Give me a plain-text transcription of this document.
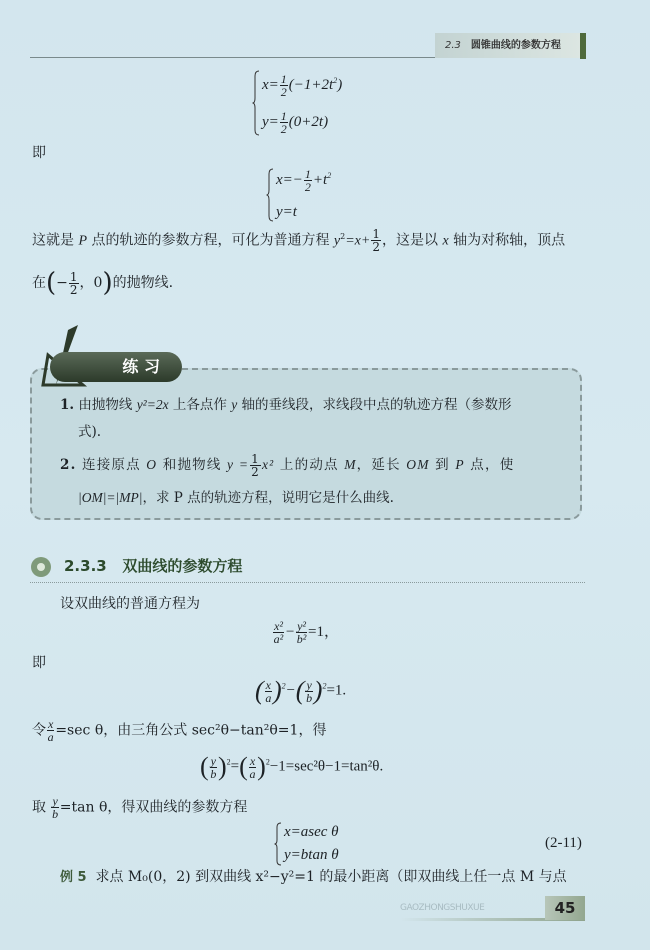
2.3 圆锥曲线的参数方程
$x= \frac{1}{2} (-1+2t^2)$
$y= \frac{1}{2} (0+2t)$
即
$x=- \frac{1}{2} +t^2$
y=t
这就是 P 点的轨迹的参数方程，可化为普通方程 $y^2=x+ \frac{1}{2}$ ，这是以 x 轴为对称轴，顶点
在(− $\frac{1}{2}$ ，0)的抛物线.
练 习
1. 由抛物线 y²=2x 上各点作 y 轴的垂线段，求线段中点的轨迹方程（参数形
式).
2. 连接原点 O 和抛物线 $y = \frac{1}{2} x^2$ 上的动点 M，延长 OM 到 P 点，使
|OM|=|MP|，求 P 点的轨迹方程，说明它是什么曲线.
2.3.3 双曲线的参数方程
设双曲线的普通方程为
$\frac{\text{x²}}{\text{a²}} - \frac{\text{y²}}{\text{b²}} =1$，
即
( $\frac{x}{a} )^2-( \frac{y}{b} )^2=1$.
令 $\frac{x}{a} =\sec$ θ，由三角公式 sec²θ−tan²θ=1，得
( $\frac{y}{b} )^2=( \frac{x}{a} )^2-1=\sec^2\theta-1=\tan^2\theta$.
取 $\frac{y}{b} =\tan$ θ，得双曲线的参数方程
x=asec θ
y=btan θ
(2-11)
例 5 求点 M₀(0，2) 到双曲线 x²−y²=1 的最小距离（即双曲线上任一点 M 与点
GAOZHONGSHUXUE	45
